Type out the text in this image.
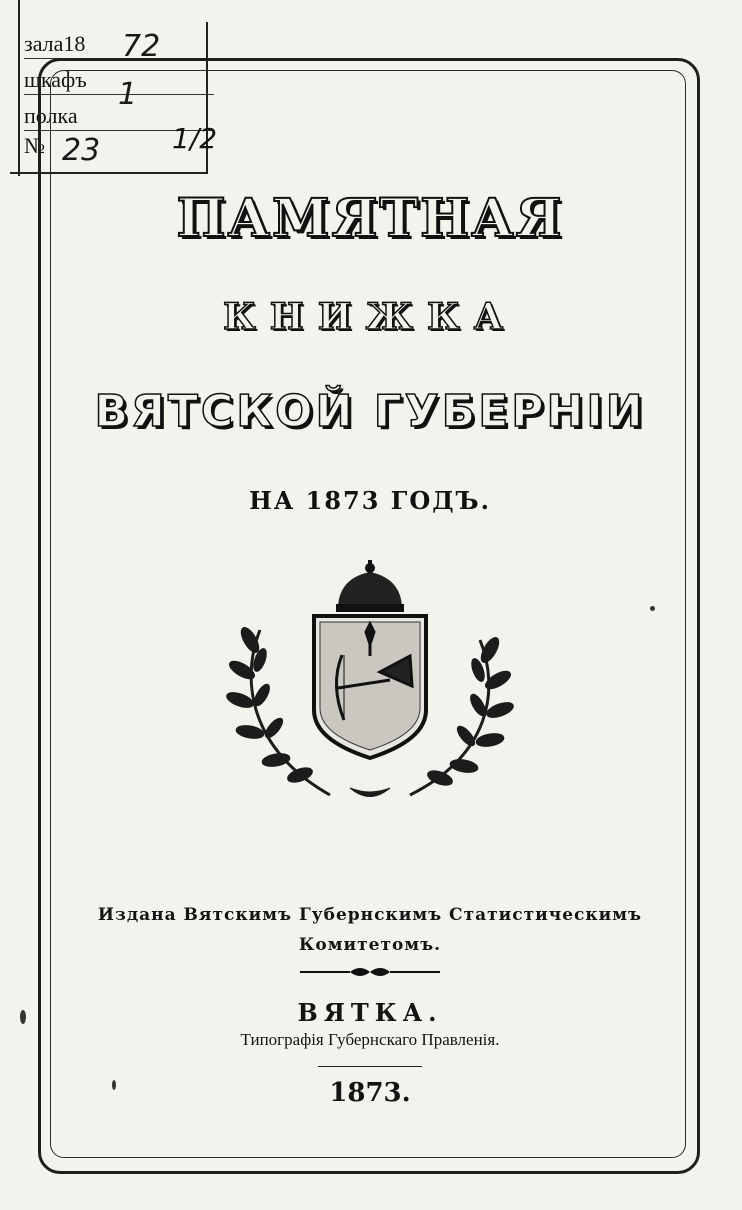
зала18
шкафъ
полка
№
72
1
23	1/2
ПАМЯТНАЯ
КНИЖКА
ВЯТСКОЙ ГУБЕРНІИ
НА 1873 ГОДЪ.
Издана Вятскимъ Губернскимъ Статистическимъ
Комитетомъ.
ВЯТКА.
Типографія Губернскаго Правленія.
1873.
